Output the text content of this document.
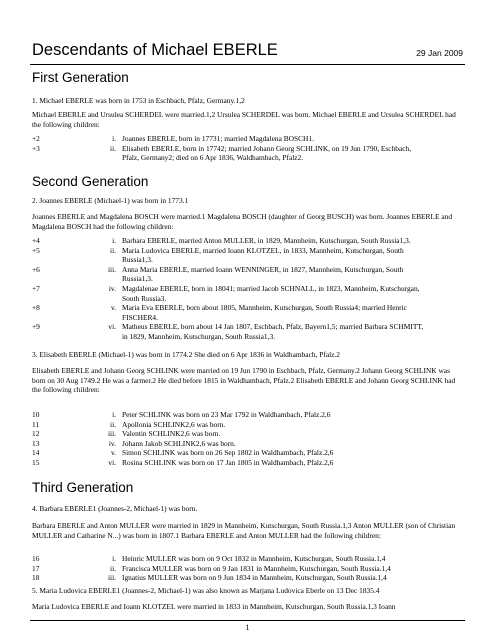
Descendants of Michael EBERLE	29 Jan 2009
First Generation
1. Michael EBERLE was born in 1753 in Eschbach, Pfalz, Germany.1,2
Michael EBERLE and Ursulea SCHERDEL were married.1,2 Ursulea SCHERDEL was born. Michael EBERLE and Ursulea SCHERDEL had the following children:
+2	i. Joannes EBERLE, born in 17731; married Magdalena BOSCH1.
+3	ii. Elisabeth EBERLE, born in 17742; married Johann Georg SCHLINK, on 19 Jun 1790, Eschbach,
Pfalz, Germany2; died on 6 Apr 1836, Waldhambach, Pfalz2.
Second Generation
2. Joannes EBERLE (Michael-1) was born in 1773.1
Joannes EBERLE and Magdalena BOSCH were married.1 Magdalena BOSCH (daughter of Georg BUSCH) was born. Joannes EBERLE and Magdalena BOSCH had the following children:
+4	i. Barbara EBERLE, married Anton MULLER, in 1829, Mannheim, Kutschurgan, South Russia1,3.
+5	ii. Maria Ludovica EBERLE, married Ioann KLOTZEL, in 1833, Mannheim, Kutschurgan, South
Russia1,3.
+6	iii. Anna Maria EBERLE, married Ioann WENNINGER, in 1827, Mannheim, Kutschurgan, South
Russia1,3.
+7	iv. Magdalenae EBERLE, born in 18041; married Jacob SCHNALL, in 1823, Mannheim, Kutschurgan,
South Russia3.
+8	v. Maria Eva EBERLE, born about 1805, Mannheim, Kutschurgan, South Russia4; married Henric
FISCHER4.
+9	vi. Matheus EBERLE, born about 14 Jan 1807, Eschbach, Pfalz, Bayern1,5; married Barbara SCHMITT,
in 1829, Mannheim, Kutschurgan, South Russia1,3.
3. Elisabeth EBERLE (Michael-1) was born in 1774.2 She died on 6 Apr 1836 in Waldhambach, Pfalz.2
Elisabeth EBERLE and Johann Georg SCHLINK were married on 19 Jun 1790 in Eschbach, Pfalz, Germany.2 Johann Georg SCHLINK was born on 30 Aug 1749.2 He was a farmer.2 He died before 1815 in Waldhambach, Pfalz.2 Elisabeth EBERLE and Johann Georg SCHLINK had the following children:
10	i. Peter SCHLINK was born on 23 Mar 1792 in Waldhambach, Pfalz.2,6
11	ii. Apollonia SCHLINK2,6 was born.
12	iii. Valentin SCHLINK2,6 was born.
13	iv. Johann Jakob SCHLINK2,6 was born.
14	v. Simon SCHLINK was born on 26 Sep 1802 in Waldhambach, Pfalz.2,6
15	vi. Rosina SCHLINK was born on 17 Jan 1805 in Waldhambach, Pfalz.2,6
Third Generation
4. Barbara EBERLE1 (Joannes-2, Michael-1) was born.
Barbara EBERLE and Anton MULLER were married in 1829 in Mannheim, Kutschurgan, South Russia.1,3 Anton MULLER (son of Christian MULLER and Catharine N...) was born in 1807.1 Barbara EBERLE and Anton MULLER had the following children:
16	i. Heinric MULLER was born on 9 Oct 1832 in Mannheim, Kutschurgan, South Russia.1,4
17	ii. Francisca MULLER was born on 9 Jan 1831 in Mannheim, Kutschurgan, South Russia.1,4
18	iii. Ignatius MULLER was born on 9 Jun 1834 in Mannheim, Kutschurgan, South Russia.1,4
5. Maria Ludovica EBERLE1 (Joannes-2, Michael-1) was also known as Marjana Ludovica Eberle on 13 Dec 1835.4
Maria Ludovica EBERLE and Ioann KLOTZEL were married in 1833 in Mannheim, Kutschurgan, South Russia.1,3 Ioann
1
